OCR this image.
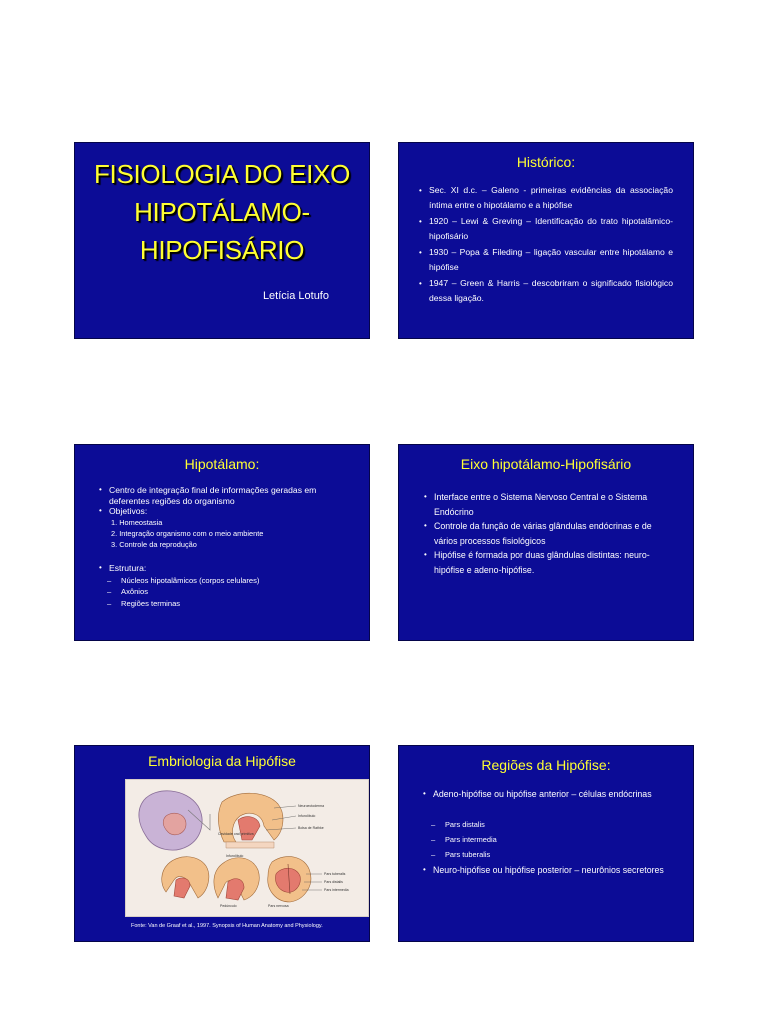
FISIOLOGIA DO EIXO
HIPOTÁLAMO-
HIPOFISÁRIO
Letícia Lotufo
Histórico:
• Sec. XI d.c. – Galeno - primeiras evidências da associação íntima entre o hipotálamo e a hipófise
• 1920 – Lewi & Greving – Identificação do trato hipotalâmico-hipofisário
• 1930 – Popa & Fileding – ligação vascular entre hipotálamo e hipófise
• 1947 – Green & Harris – descobriram o significado fisiológico dessa ligação.
Hipotálamo:
• Centro de integração final de informações geradas em deferentes regiões do organismo
• Objetivos:
1. Homeostasia
2. Integração organismo com o meio ambiente
3. Controle da reprodução
• Estrutura:
– Núcleos hipotalâmicos (corpos celulares)
– Axônios
– Regiões terminas
Eixo hipotálamo-Hipofisário
• Interface entre o Sistema Nervoso Central e o Sistema Endócrino
• Controle da função de várias glândulas endócrinas e de vários processos fisiológicos
• Hipófise é formada por duas glândulas distintas: neuro-hipófise e adeno-hipófise.
Embriologia da Hipófise
Neuroectoderma
Infundíbulo
Bolsa de Rathke
Cavidade oral primitiva
Infundíbulo
Pars tuberalis
Pars distalis
Pars intermedia
Pars nervosa
Pedúnculo
Fonte: Van de Graaf et al., 1997. Synopsis of Human Anatomy and Physiology.
Regiões da Hipófise:
• Adeno-hipófise ou hipófise anterior – células endócrinas
– Pars distalis
– Pars intermedia
– Pars tuberalis
• Neuro-hipófise ou hipófise posterior – neurônios secretores
